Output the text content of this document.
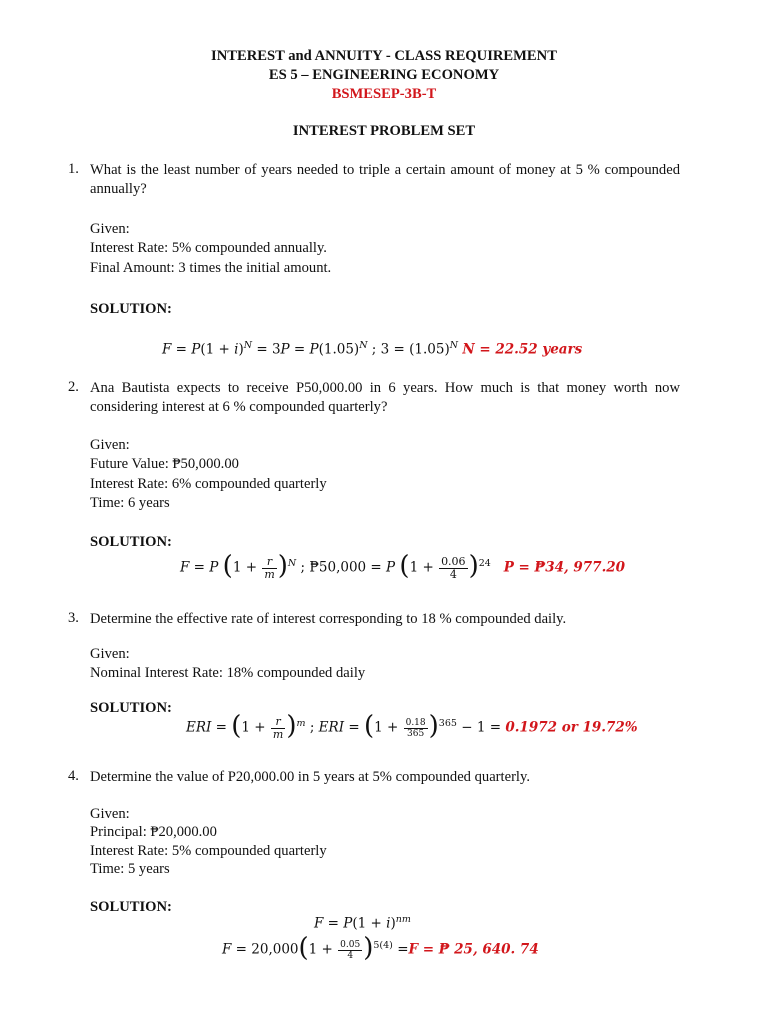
INTEREST and ANNUITY - CLASS REQUIREMENT
ES 5 – ENGINEERING ECONOMY
BSMESEP-3B-T
INTEREST PROBLEM SET
1. What is the least number of years needed to triple a certain amount of money at 5 % compounded annually?
Given:
Interest Rate: 5% compounded annually.
Final Amount: 3 times the initial amount.
SOLUTION:
$F = P(1 + i)^N = 3P = P(1.05)^N$ ; $3 = (1.05)^N$ N = 22.52 years
2. Ana Bautista expects to receive P50,000.00 in 6 years. How much is that money worth now considering interest at 6 % compounded quarterly?
Given:
Future Value: ₱50,000.00
Interest Rate: 6% compounded quarterly
Time: 6 years
SOLUTION:
F = P $(1 + \frac{r}{m} )^N$ ; ₱50,000 = P $(1 + \frac{0.06}{4} )^{24}$ P = ₱34, 977.20
3. Determine the effective rate of interest corresponding to 18 % compounded daily.
Given:
Nominal Interest Rate: 18% compounded daily
SOLUTION:
ERI = $(1 + \frac{r}{m} )^m$ ; ERI = $(1 + \frac{0.18}{365} )^{365} - 1 = 0.1972$ or 19.72%
4. Determine the value of P20,000.00 in 5 years at 5% compounded quarterly.
Given:
Principal: ₱20,000.00
Interest Rate: 5% compounded quarterly
Time: 5 years
SOLUTION:
$F = P(1 + i)^{nm}$
$F = 20,000(1 + \frac{0.05}{4} )^{5(4)} =F$ = ₱ 25, 640. 74
